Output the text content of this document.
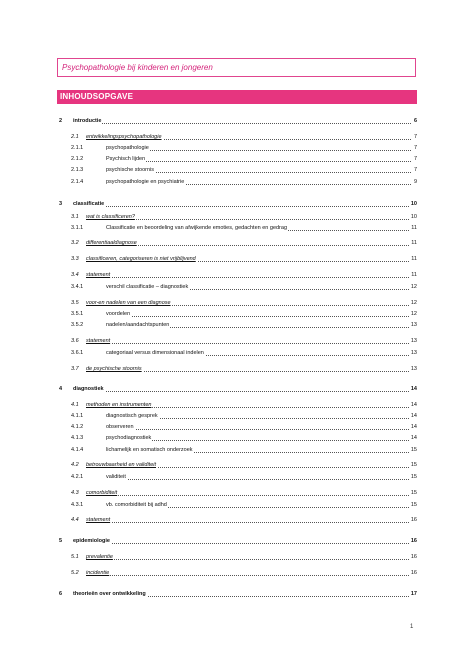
Psychopathologie bij kinderen en jongeren
INHOUDSOPGAVE
2 introductie	6
2.1 entwikkelingspsychopathologie	7
2.1.1	psychopathologie	7
2.1.2	Psychisch lijden	7
2.1.3	psychische stoornis	7
2.1.4	psychopathologie en psychiatrie	9
3 classificatie	10
3.1 wat is classificeren?	10
3.1.1	Classificatie en beoordeling van afwijkende emoties, gedachten en gedrag	11
3.2 differentiaaldiagnose	11
3.3 classificeren, categoriseren is niet vrijblijvend	11
3.4 statement	11
3.4.1	verschil classificatie – diagnostiek	12
3.5 voor-en nadelen van een diagnose	12
3.5.1	voordelen	12
3.5.2	nadelen/aandachtspunten	13
3.6 statement	13
3.6.1	categoriaal versus dimensionaal indelen	13
3.7 de psychische stoornis	13
4 diagnostiek	14
4.1 methoden en instrumenten	14
4.1.1	diagnostisch gesprek	14
4.1.2	observeren	14
4.1.3	psychodiagnostiek	14
4.1.4	lichamelijk en somatisch onderzoek	15
4.2 betrouwbaarheid en validiteit	15
4.2.1	validiteit	15
4.3 comorbiditeit	15
4.3.1	vb. comorbiditeit bij adhd	15
4.4 statement	16
5 epidemiologie	16
5.1 prevalentie	16
5.2 incidentie	16
6 theorieën over ontwikkeling	17
1
